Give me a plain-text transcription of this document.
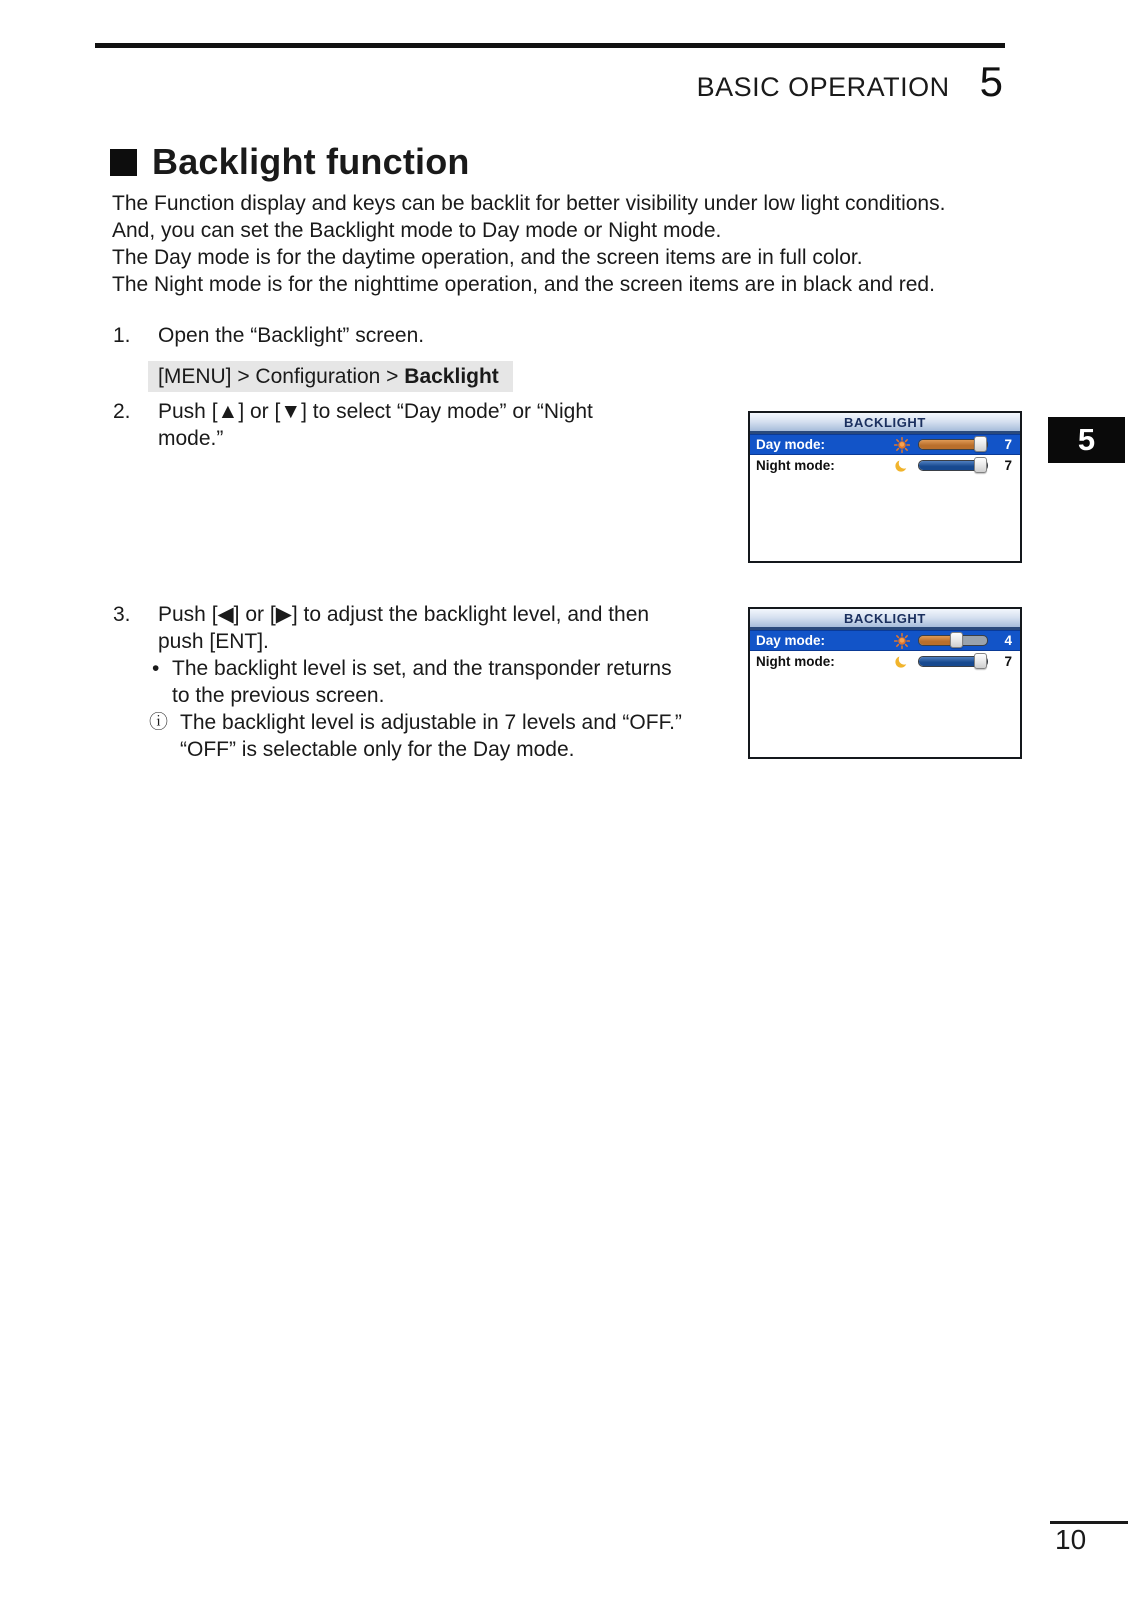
BASIC OPERATION 5
Backlight function
The Function display and keys can be backlit for better visibility under low light conditions.
And, you can set the Backlight mode to Day mode or Night mode.
The Day mode is for the daytime operation, and the screen items are in full color.
The Night mode is for the nighttime operation, and the screen items are in black and red.
1.	Open the “Backlight” screen.
[MENU] > Configuration > Backlight
2.	Push [▲] or [▼] to select “Day mode” or “Night
mode.”
3.	Push [◀] or [▶] to adjust the backlight level, and then
push [ENT].
• The backlight level is set, and the transponder returns
to the previous screen.
ⓘ The backlight level is adjustable in 7 levels and “OFF.”
“OFF” is selectable only for the Day mode.
BACKLIGHT
Day mode:	7
Night mode:	7
BACKLIGHT
Day mode:	4
Night mode:	7
5
10
